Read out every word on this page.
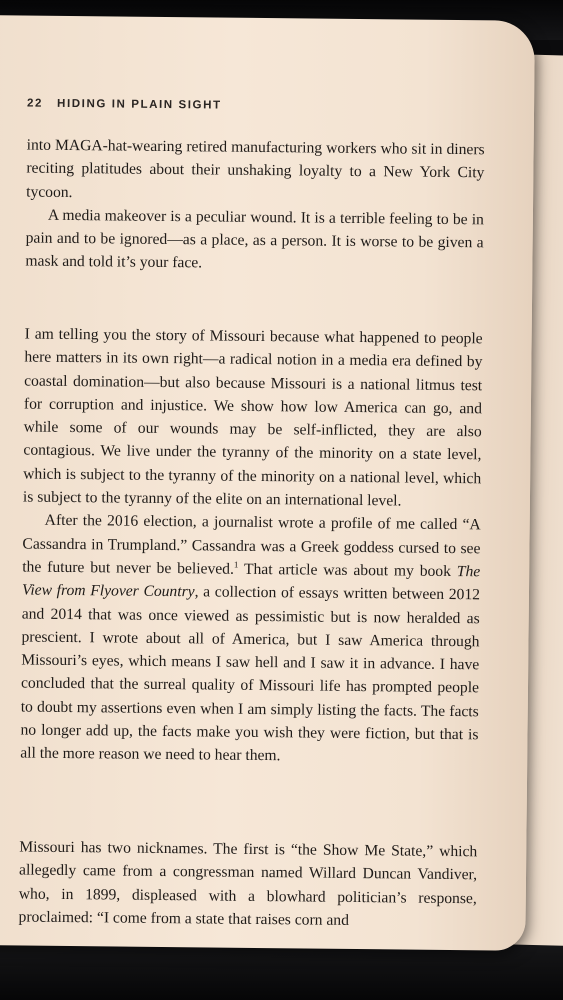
22 HIDING IN PLAIN SIGHT

into MAGA-hat-wearing retired manufacturing workers who sit in diners reciting platitudes about their unshaking loyalty to a New York City tycoon.

A media makeover is a peculiar wound. It is a terrible feeling to be in pain and to be ignored—as a place, as a person. It is worse to be given a mask and told it’s your face.

I am telling you the story of Missouri because what happened to people here matters in its own right—a radical notion in a media era defined by coastal domination—but also because Missouri is a national litmus test for corruption and injustice. We show how low America can go, and while some of our wounds may be self-inflicted, they are also contagious. We live under the tyranny of the minority on a state level, which is subject to the tyranny of the minority on a national level, which is subject to the tyranny of the elite on an international level.

After the 2016 election, a journalist wrote a profile of me called “A Cassandra in Trumpland.” Cassandra was a Greek goddess cursed to see the future but never be believed.$^1$ That article was about my book The View from Flyover Country, a collection of essays written between 2012 and 2014 that was once viewed as pessimistic but is now heralded as prescient. I wrote about all of America, but I saw America through Missouri’s eyes, which means I saw hell and I saw it in advance. I have concluded that the surreal quality of Missouri life has prompted people to doubt my assertions even when I am simply listing the facts. The facts no longer add up, the facts make you wish they were fiction, but that is all the more reason we need to hear them.

Missouri has two nicknames. The first is “the Show Me State,” which allegedly came from a congressman named Willard Duncan Vandiver, who, in 1899, displeased with a blowhard politician’s response, proclaimed: “I come from a state that raises corn and
